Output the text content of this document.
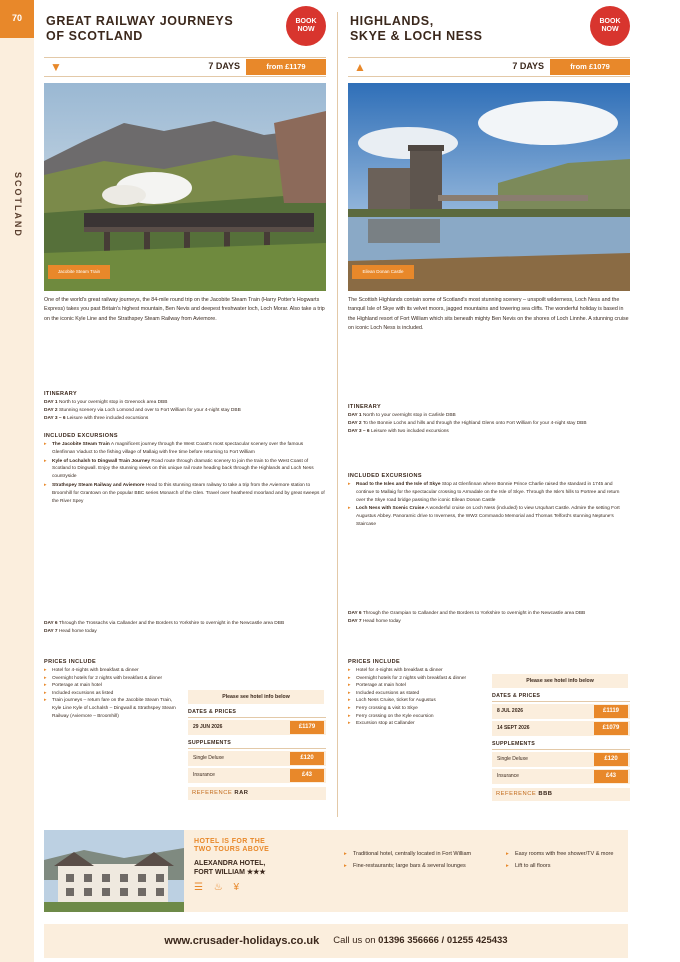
70
SCOTLAND
GREAT RAILWAY JOURNEYS
OF SCOTLAND
BOOK
NOW
▼	7 DAYS	from £1179
Jacobite Steam Train

One of the world's great railway journeys, the 84-mile round trip on the Jacobite Steam Train (Harry Potter's Hogwarts Express) takes you past Britain's highest mountain, Ben Nevis and deepest freshwater loch, Loch Morar. Also take a trip on the iconic Kyle Line and the Strathspey Steam Railway from Aviemore.

ITINERARY

DAY 1 North to your overnight stop in Greenock area DBB

DAY 2 Stunning scenery via Loch Lomond and over to Fort William for your 4-night stay DBB

DAY 3 – 6 Leisure with three included excursions

INCLUDED EXCURSIONS
▸ The Jacobite Steam Train A magnificent journey through the West Coast's most spectacular scenery over the famous Glenfinnan Viaduct to the fishing village of Mallaig with free time before returning to Fort William
▸ Kyle of Lochalsh to Dingwall Train Journey Road route through dramatic scenery to join the train to the West Coast of Scotland to Dingwall. Enjoy the stunning views on this unique rail route heading back through the Highlands and Loch Ness countryside
▸ Strathspey Steam Railway and Aviemore Head to this stunning steam railway to take a trip from the Aviemore station to Broomhill for Grantown on the popular BBC series Monarch of the Glen. Travel over heathered moorland and by great sweeps of the River Spey

DAY 6 Through the Trossachs via Callander and the Borders to Yorkshire to overnight in the Newcastle area DBB

DAY 7 Head home today

PRICES INCLUDE
▸ Hotel for 4-nights with breakfast & dinner
▸ Overnight hotels for 2 nights with breakfast & dinner
▸ Porterage at main hotel
▸ Included excursions as listed
▸ Train journeys – return fare on the Jacobite Steam Train, Kyle Line Kyle of Lochalsh – Dingwall & Strathspey Steam Railway (Aviemore – Broomhill)
Please see hotel info below
DATES & PRICES
29 JUN 2026	£1179
SUPPLEMENTS
Single Deluxe	£120
Insurance	£43
REFERENCE RAR
HIGHLANDS,
SKYE & LOCH NESS
BOOK
NOW
▲	7 DAYS	from £1079
Eilean Donan Castle

The Scottish Highlands contain some of Scotland's most stunning scenery – unspoilt wilderness, Loch Ness and the tranquil Isle of Skye with its velvet moors, jagged mountains and towering sea cliffs. The wonderful holiday is based in the Highland resort of Fort William which sits beneath mighty Ben Nevis on the shores of Loch Linnhe. A stunning cruise on iconic Loch Ness is included.

ITINERARY

DAY 1 North to your overnight stop in Carlisle DBB

DAY 2 To the Bonnie Lochs and hills and through the Highland Glens onto Fort William for your 4-night stay DBB

DAY 3 – 6 Leisure with two included excursions

INCLUDED EXCURSIONS
▸ Road to the Isles and the Isle of Skye Stop at Glenfinnan where Bonnie Prince Charlie raised the standard in 1745 and continue to Mallaig for the spectacular crossing to Armadale on the Isle of Skye. Through the Isle's hills to Portree and return over the Skye road bridge passing the iconic Eilean Donan Castle
▸ Loch Ness with Scenic Cruise A wonderful cruise on Loch Ness (included) to view Urquhart Castle. Admire the setting Fort Augustus Abbey. Panoramic drive to Inverness, the WW2 Commando Memorial and Thomas Telford's stunning Neptune's Staircase

DAY 6 Through the Grampian to Callander and the Borders to Yorkshire to overnight in the Newcastle area DBB

DAY 7 Head home today

PRICES INCLUDE
▸ Hotel for 4-nights with breakfast & dinner
▸ Overnight hotels for 2 nights with breakfast & dinner
▸ Porterage at main hotel
▸ Included excursions as stated
▸ Loch Ness Cruise, ticket for Augustus
▸ Ferry crossing & visit to Skye
▸ Ferry crossing on the Kyle excursion
▸ Excursion stop at Callander
Please see hotel info below
DATES & PRICES
8 JUL 2026	£1119
14 SEPT 2026	£1079
SUPPLEMENTS
Single Deluxe	£120
Insurance	£43
REFERENCE BBB
HOTEL IS FOR THE
TWO TOURS ABOVE
ALEXANDRA HOTEL,
FORT WILLIAM ★★★
☰ ♨ ¥
▸ Traditional hotel, centrally located in Fort William
▸ Fine-restaurants; large bars & several lounges
▸ Easy rooms with free shower/TV & more
▸ Lift to all floors
www.crusader-holidays.co.uk Call us on 01396 356666 / 01255 425433
